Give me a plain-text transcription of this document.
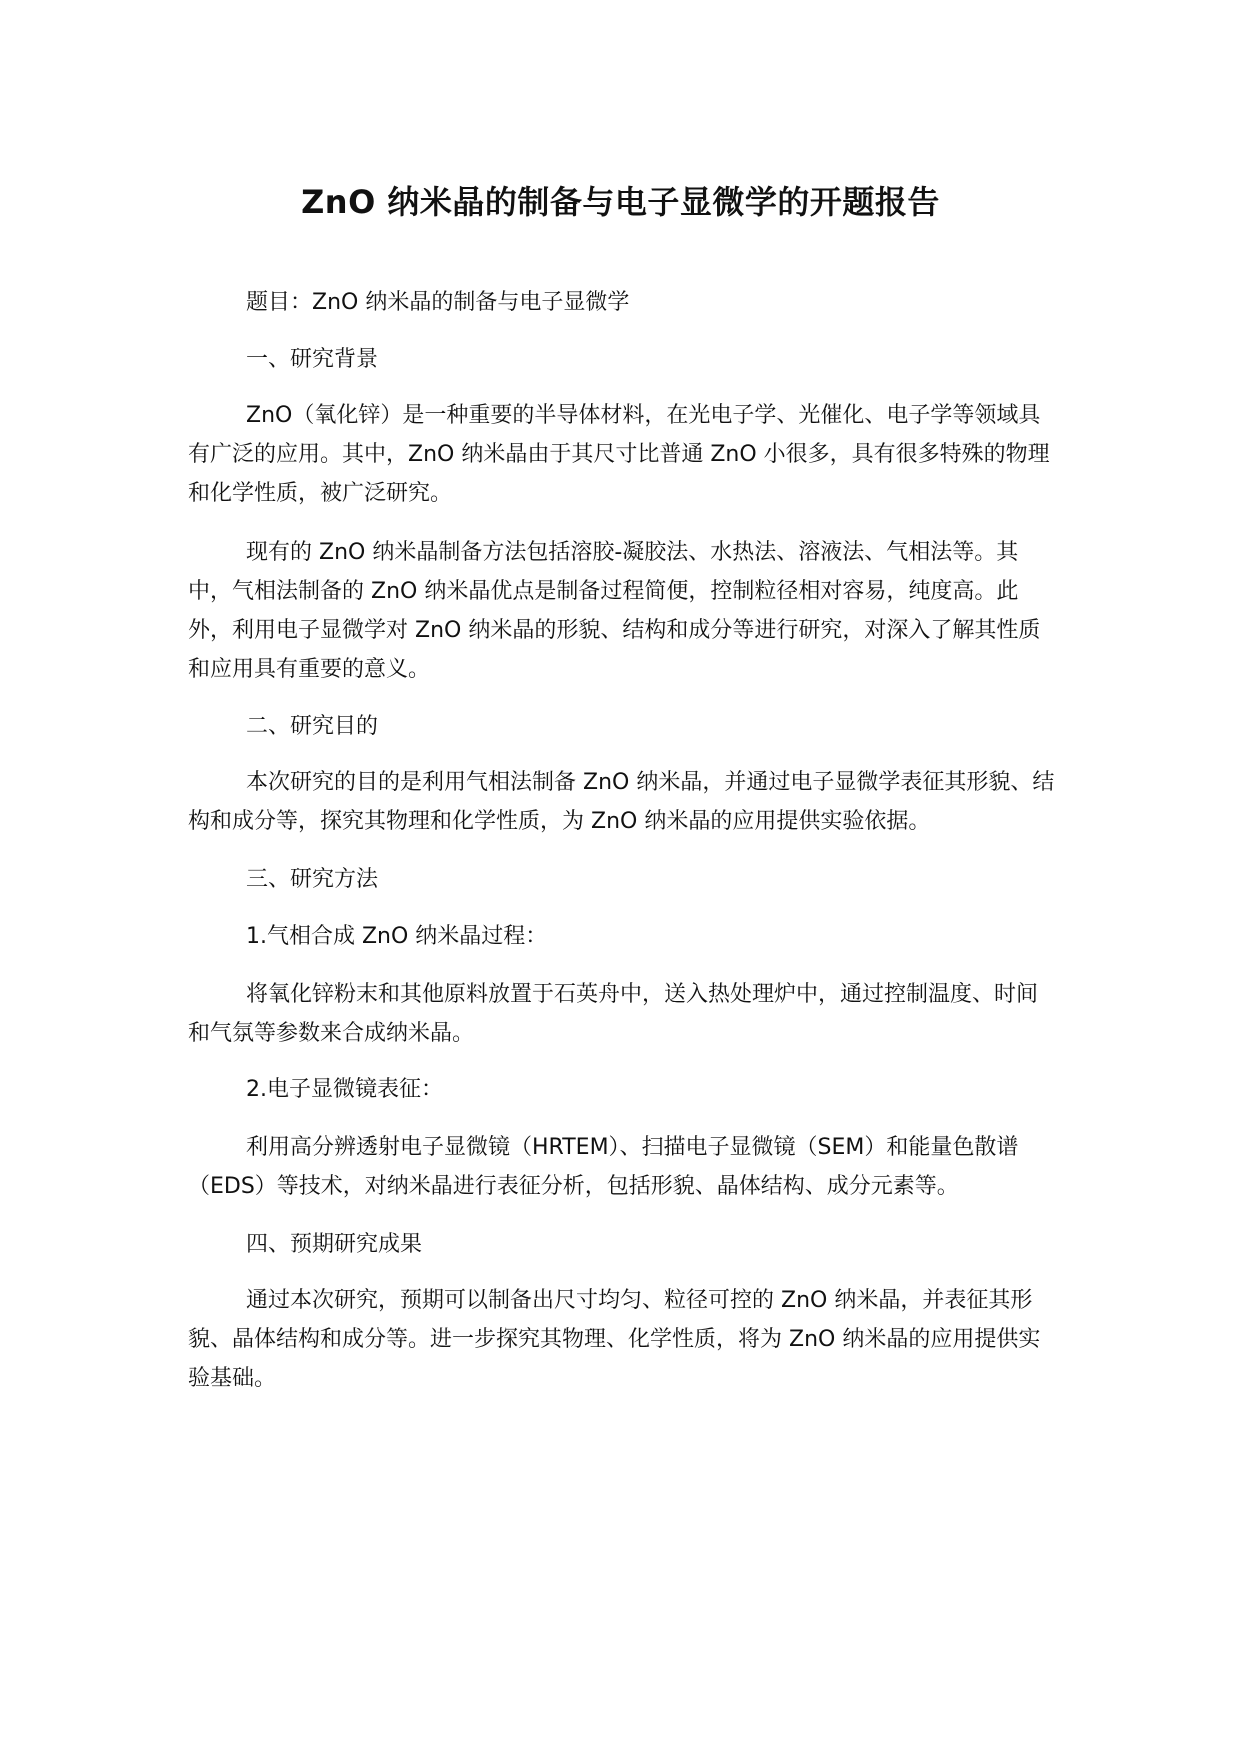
ZnO 纳米晶的制备与电子显微学的开题报告

题目：ZnO 纳米晶的制备与电子显微学

一、研究背景

ZnO（氧化锌）是一种重要的半导体材料，在光电子学、光催化、电子学等领域具有广泛的应用。其中，ZnO 纳米晶由于其尺寸比普通 ZnO 小很多，具有很多特殊的物理和化学性质，被广泛研究。

现有的 ZnO 纳米晶制备方法包括溶胶-凝胶法、水热法、溶液法、气相法等。其中，气相法制备的 ZnO 纳米晶优点是制备过程简便，控制粒径相对容易，纯度高。此外，利用电子显微学对 ZnO 纳米晶的形貌、结构和成分等进行研究，对深入了解其性质和应用具有重要的意义。

二、研究目的

本次研究的目的是利用气相法制备 ZnO 纳米晶，并通过电子显微学表征其形貌、结构和成分等，探究其物理和化学性质，为 ZnO 纳米晶的应用提供实验依据。

三、研究方法

1.气相合成 ZnO 纳米晶过程：

将氧化锌粉末和其他原料放置于石英舟中，送入热处理炉中，通过控制温度、时间和气氛等参数来合成纳米晶。

2.电子显微镜表征：

利用高分辨透射电子显微镜（HRTEM）、扫描电子显微镜（SEM）和能量色散谱（EDS）等技术，对纳米晶进行表征分析，包括形貌、晶体结构、成分元素等。

四、预期研究成果

通过本次研究，预期可以制备出尺寸均匀、粒径可控的 ZnO 纳米晶，并表征其形貌、晶体结构和成分等。进一步探究其物理、化学性质，将为 ZnO 纳米晶的应用提供实验基础。
